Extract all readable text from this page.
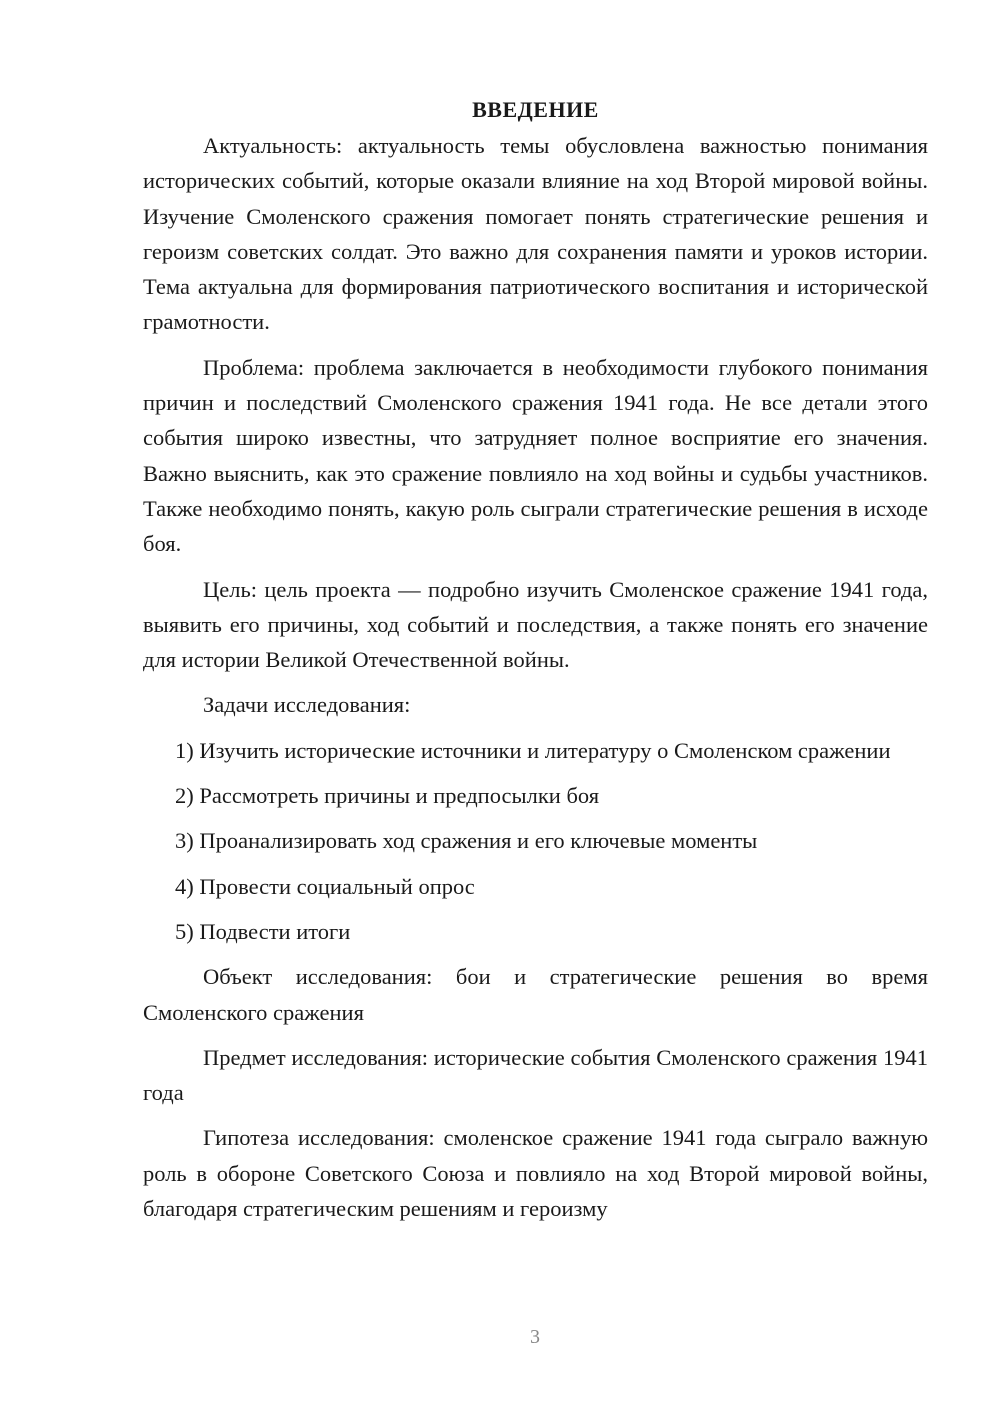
ВВЕДЕНИЕ

Актуальность: актуальность темы обусловлена важностью понимания исторических событий, которые оказали влияние на ход Второй мировой войны. Изучение Смоленского сражения помогает понять стратегические решения и героизм советских солдат. Это важно для сохранения памяти и уроков истории. Тема актуальна для формирования патриотического воспитания и исторической грамотности.

Проблема: проблема заключается в необходимости глубокого понимания причин и последствий Смоленского сражения 1941 года. Не все детали этого события широко известны, что затрудняет полное восприятие его значения. Важно выяснить, как это сражение повлияло на ход войны и судьбы участников. Также необходимо понять, какую роль сыграли стратегические решения в исходе боя.

Цель: цель проекта — подробно изучить Смоленское сражение 1941 года, выявить его причины, ход событий и последствия, а также понять его значение для истории Великой Отечественной войны.

Задачи исследования:

1) Изучить исторические источники и литературу о Смоленском сражении

2) Рассмотреть причины и предпосылки боя

3) Проанализировать ход сражения и его ключевые моменты

4) Провести социальный опрос

5) Подвести итоги

Объект исследования: бои и стратегические решения во время Смоленского сражения

Предмет исследования: исторические события Смоленского сражения 1941 года

Гипотеза исследования: смоленское сражение 1941 года сыграло важную роль в обороне Советского Союза и повлияло на ход Второй мировой войны, благодаря стратегическим решениям и героизму

3
